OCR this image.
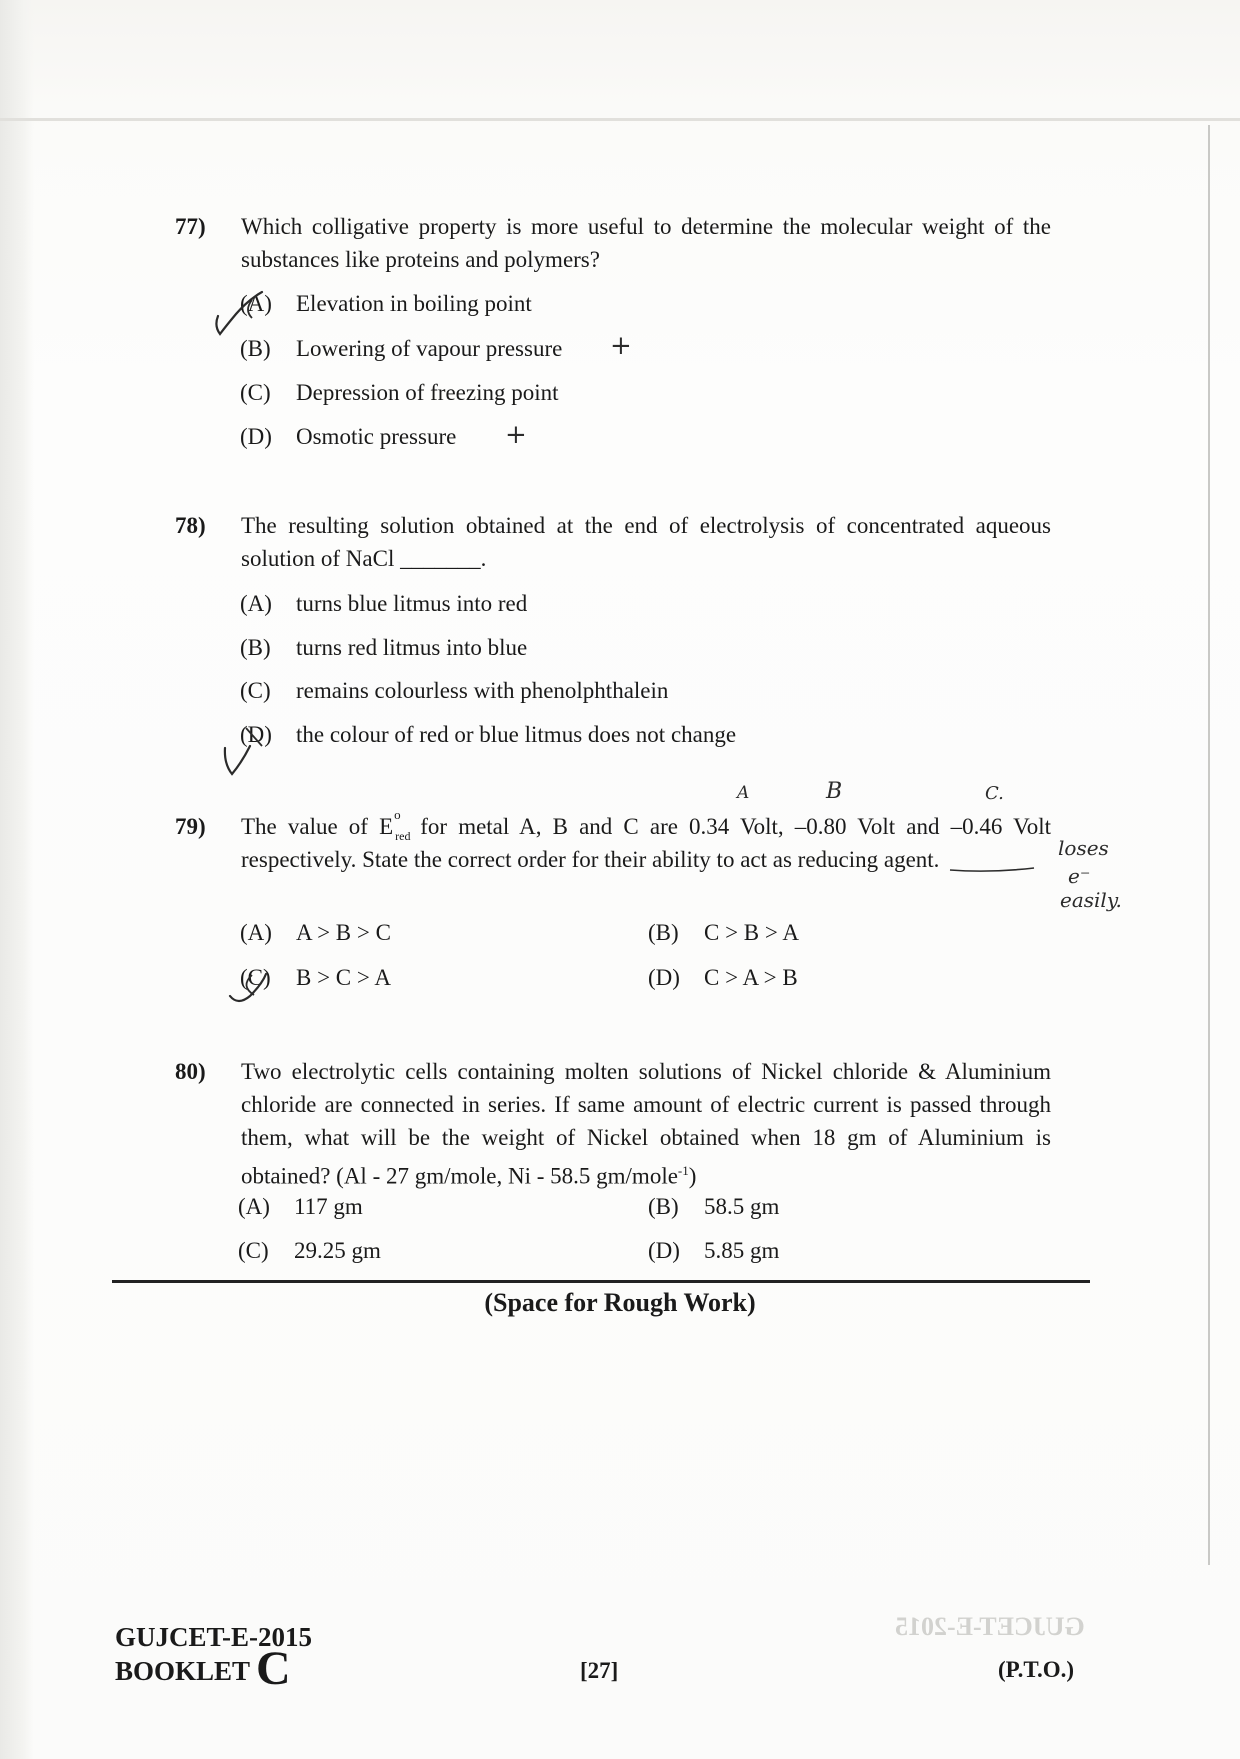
77) Which colligative property is more useful to determine the molecular weight of the substances like proteins and polymers?
(A) Elevation in boiling point
(B) Lowering of vapour pressure
(C) Depression of freezing point
(D) Osmotic pressure
78) The resulting solution obtained at the end of electrolysis of concentrated aqueous solution of NaCl _______.
(A) turns blue litmus into red
(B) turns red litmus into blue
(C) remains colourless with phenolphthalein
(D) the colour of red or blue litmus does not change
79) The value of E o
red
for metal A, B and C are 0.34 Volt, –0.80 Volt and –0.46 Volt respectively. State the correct order for their ability to act as reducing agent.
(A) A > B > C	(B) C > B > A
(C) B > C > A	(D) C > A > B
80) Two electrolytic cells containing molten solutions of Nickel chloride & Aluminium chloride are connected in series. If same amount of electric current is passed through them, what will be the weight of Nickel obtained when 18 gm of Aluminium is obtained? (Al - 27 gm/mole, Ni - 58.5 gm/mole$^{-1}$)
(A) 117 gm	(B) 58.5 gm
(C) 29.25 gm	(D) 5.85 gm
(Space for Rough Work)
+
+
A	B	C.
loses
e⁻
easily.
GUJCET-E-2015
GUJCET-E-2015
BOOKLET C	[27]	(P.T.O.)
